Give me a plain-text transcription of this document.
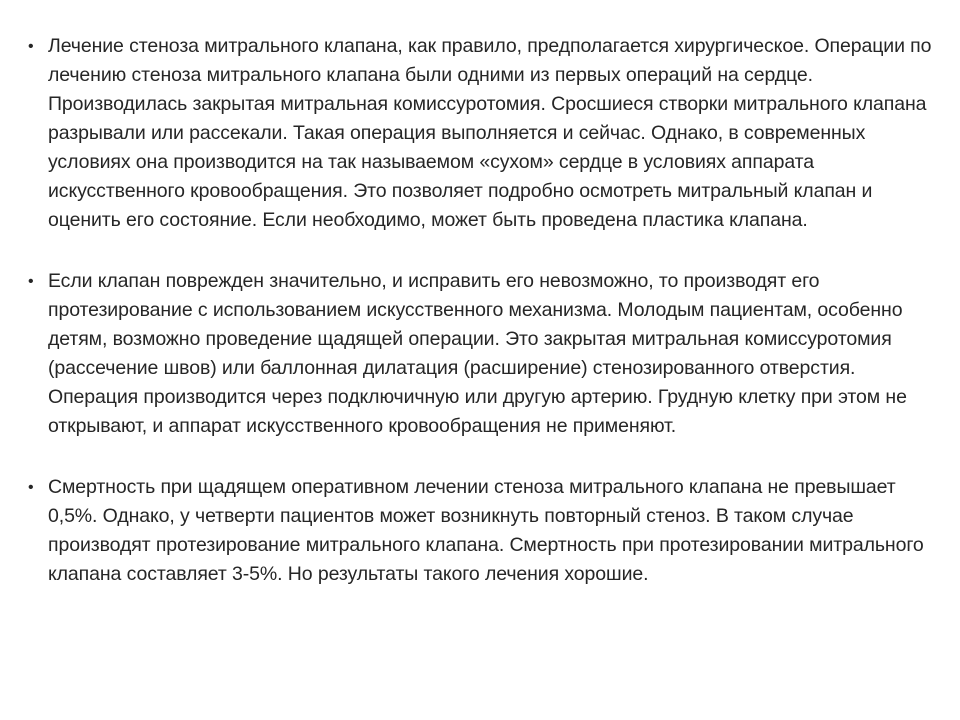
• Лечение стеноза митрального клапана, как правило, предполагается хирургическое. Операции по лечению стеноза митрального клапана были одними из первых операций на сердце. Производилась закрытая митральная комиссуротомия. Сросшиеся створки митрального клапана разрывали или рассекали. Такая операция выполняется и сейчас. Однако, в современных условиях она производится на так называемом «сухом» сердце в условиях аппарата искусственного кровообращения. Это позволяет подробно осмотреть митральный клапан и оценить его состояние. Если необходимо, может быть проведена пластика клапана.
• Если клапан поврежден значительно, и исправить его невозможно, то производят его протезирование с использованием искусственного механизма. Молодым пациентам, особенно детям, возможно проведение щадящей операции. Это закрытая митральная комиссуротомия (рассечение швов) или баллонная дилатация (расширение) стенозированного отверстия. Операция производится через подключичную или другую артерию. Грудную клетку при этом не открывают, и аппарат искусственного кровообращения не применяют.
• Смертность при щадящем оперативном лечении стеноза митрального клапана не превышает 0,5%. Однако, у четверти пациентов может возникнуть повторный стеноз. В таком случае производят протезирование митрального клапана. Смертность при протезировании митрального клапана составляет 3-5%. Но результаты такого лечения хорошие.
